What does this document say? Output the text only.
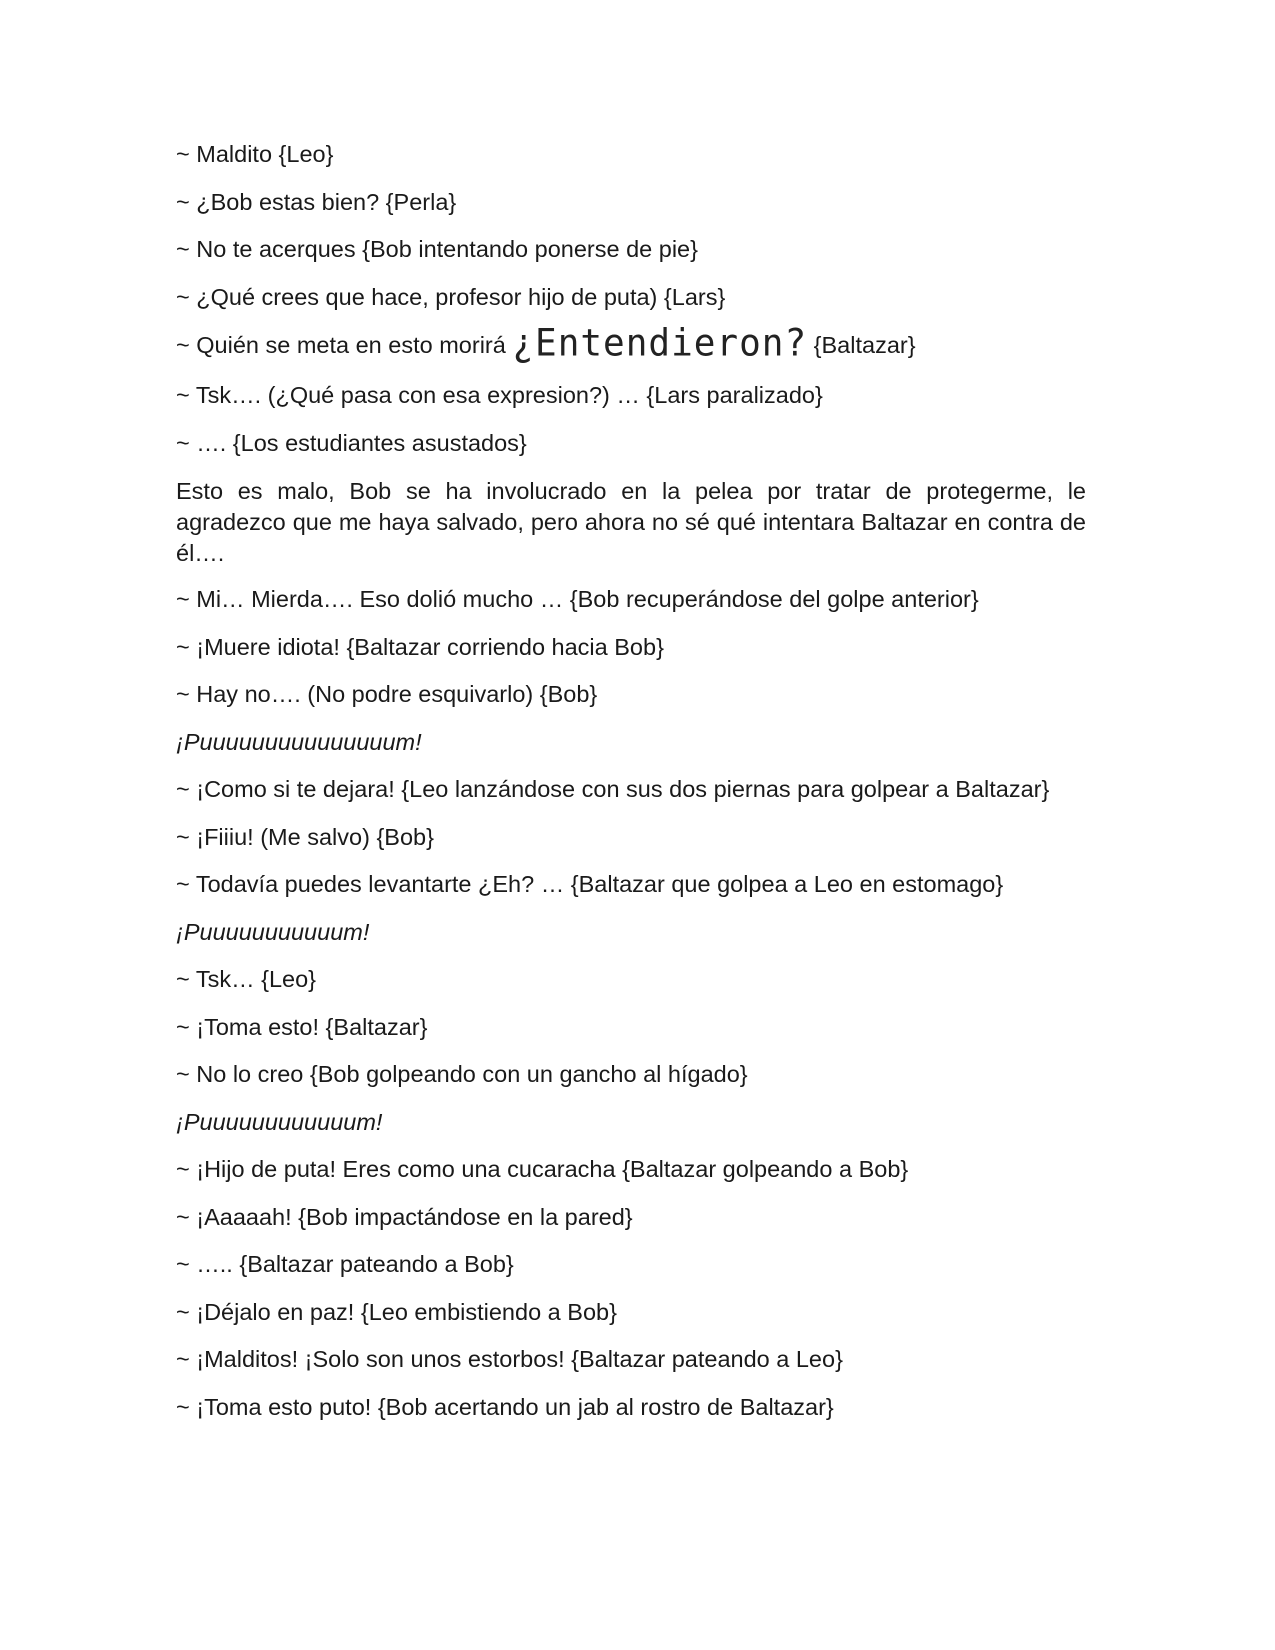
~ Maldito {Leo}
~ ¿Bob estas bien? {Perla}
~ No te acerques {Bob intentando ponerse de pie}
~ ¿Qué crees que hace, profesor hijo de puta) {Lars}
~ Quién se meta en esto morirá ¿Entendieron? {Baltazar}
~ Tsk…. (¿Qué pasa con esa expresion?) … {Lars paralizado}
~ …. {Los estudiantes asustados}
Esto es malo, Bob se ha involucrado en la pelea por tratar de protegerme, le agradezco que me haya salvado, pero ahora no sé qué intentara Baltazar en contra de él….
~ Mi… Mierda…. Eso dolió mucho … {Bob recuperándose del golpe anterior}
~ ¡Muere idiota! {Baltazar corriendo hacia Bob}
~ Hay no…. (No podre esquivarlo) {Bob}
¡Puuuuuuuuuuuuuuum!
~ ¡Como si te dejara! {Leo lanzándose con sus dos piernas para golpear a Baltazar}
~ ¡Fiiiu! (Me salvo) {Bob}
~ Todavía puedes levantarte ¿Eh? … {Baltazar que golpea a Leo en estomago}
¡Puuuuuuuuuuum!
~ Tsk… {Leo}
~ ¡Toma esto! {Baltazar}
~ No lo creo {Bob golpeando con un gancho al hígado}
¡Puuuuuuuuuuuum!
~ ¡Hijo de puta! Eres como una cucaracha {Baltazar golpeando a Bob}
~ ¡Aaaaah! {Bob impactándose en la pared}
~ ….. {Baltazar pateando a Bob}
~ ¡Déjalo en paz! {Leo embistiendo a Bob}
~ ¡Malditos! ¡Solo son unos estorbos! {Baltazar pateando a Leo}
~ ¡Toma esto puto! {Bob acertando un jab al rostro de Baltazar}
